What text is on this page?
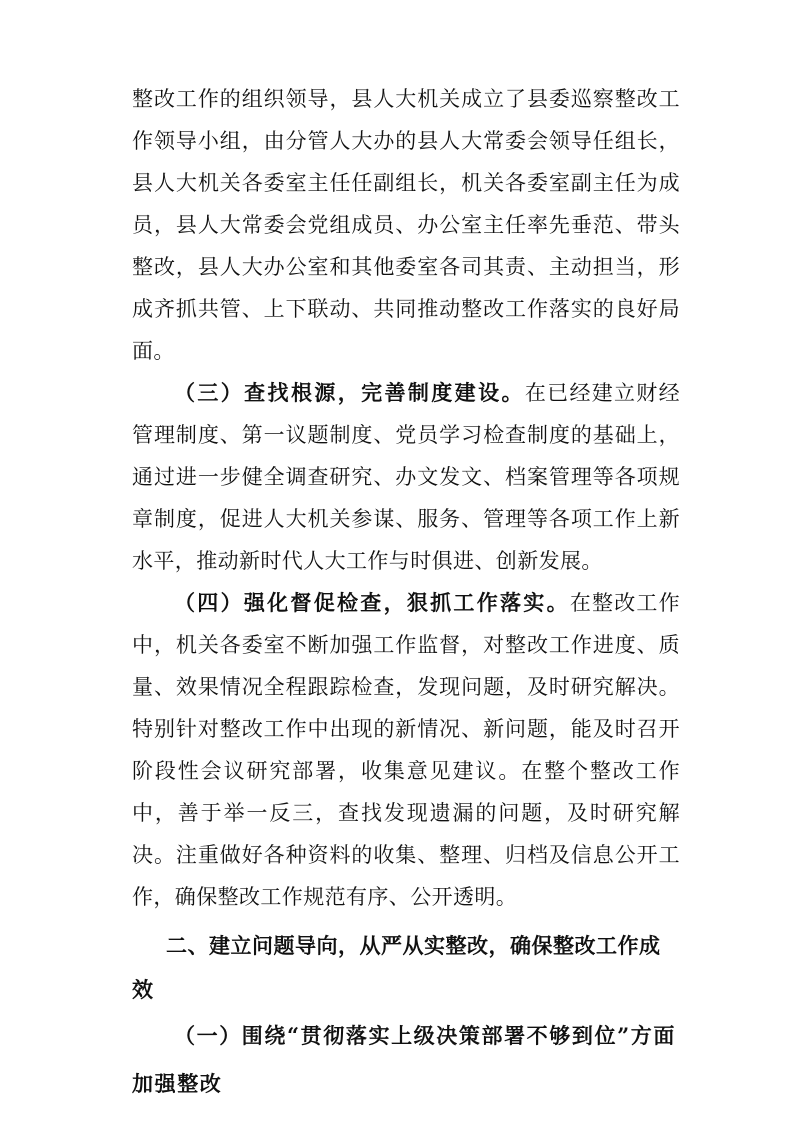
整改工作的组织领导，县人大机关成立了县委巡察整改工作领导小组，由分管人大办的县人大常委会领导任组长，县人大机关各委室主任任副组长，机关各委室副主任为成员，县人大常委会党组成员、办公室主任率先垂范、带头整改，县人大办公室和其他委室各司其责、主动担当，形成齐抓共管、上下联动、共同推动整改工作落实的良好局面。

（三）查找根源，完善制度建设。在已经建立财经管理制度、第一议题制度、党员学习检查制度的基础上，通过进一步健全调查研究、办文发文、档案管理等各项规章制度，促进人大机关参谋、服务、管理等各项工作上新水平，推动新时代人大工作与时俱进、创新发展。

（四）强化督促检查，狠抓工作落实。在整改工作中，机关各委室不断加强工作监督，对整改工作进度、质量、效果情况全程跟踪检查，发现问题，及时研究解决。特别针对整改工作中出现的新情况、新问题，能及时召开阶段性会议研究部署，收集意见建议。在整个整改工作中，善于举一反三，查找发现遗漏的问题，及时研究解决。注重做好各种资料的收集、整理、归档及信息公开工作，确保整改工作规范有序、公开透明。

二、建立问题导向，从严从实整改，确保整改工作成效
（一）围绕“贯彻落实上级决策部署不够到位”方面加强整改
